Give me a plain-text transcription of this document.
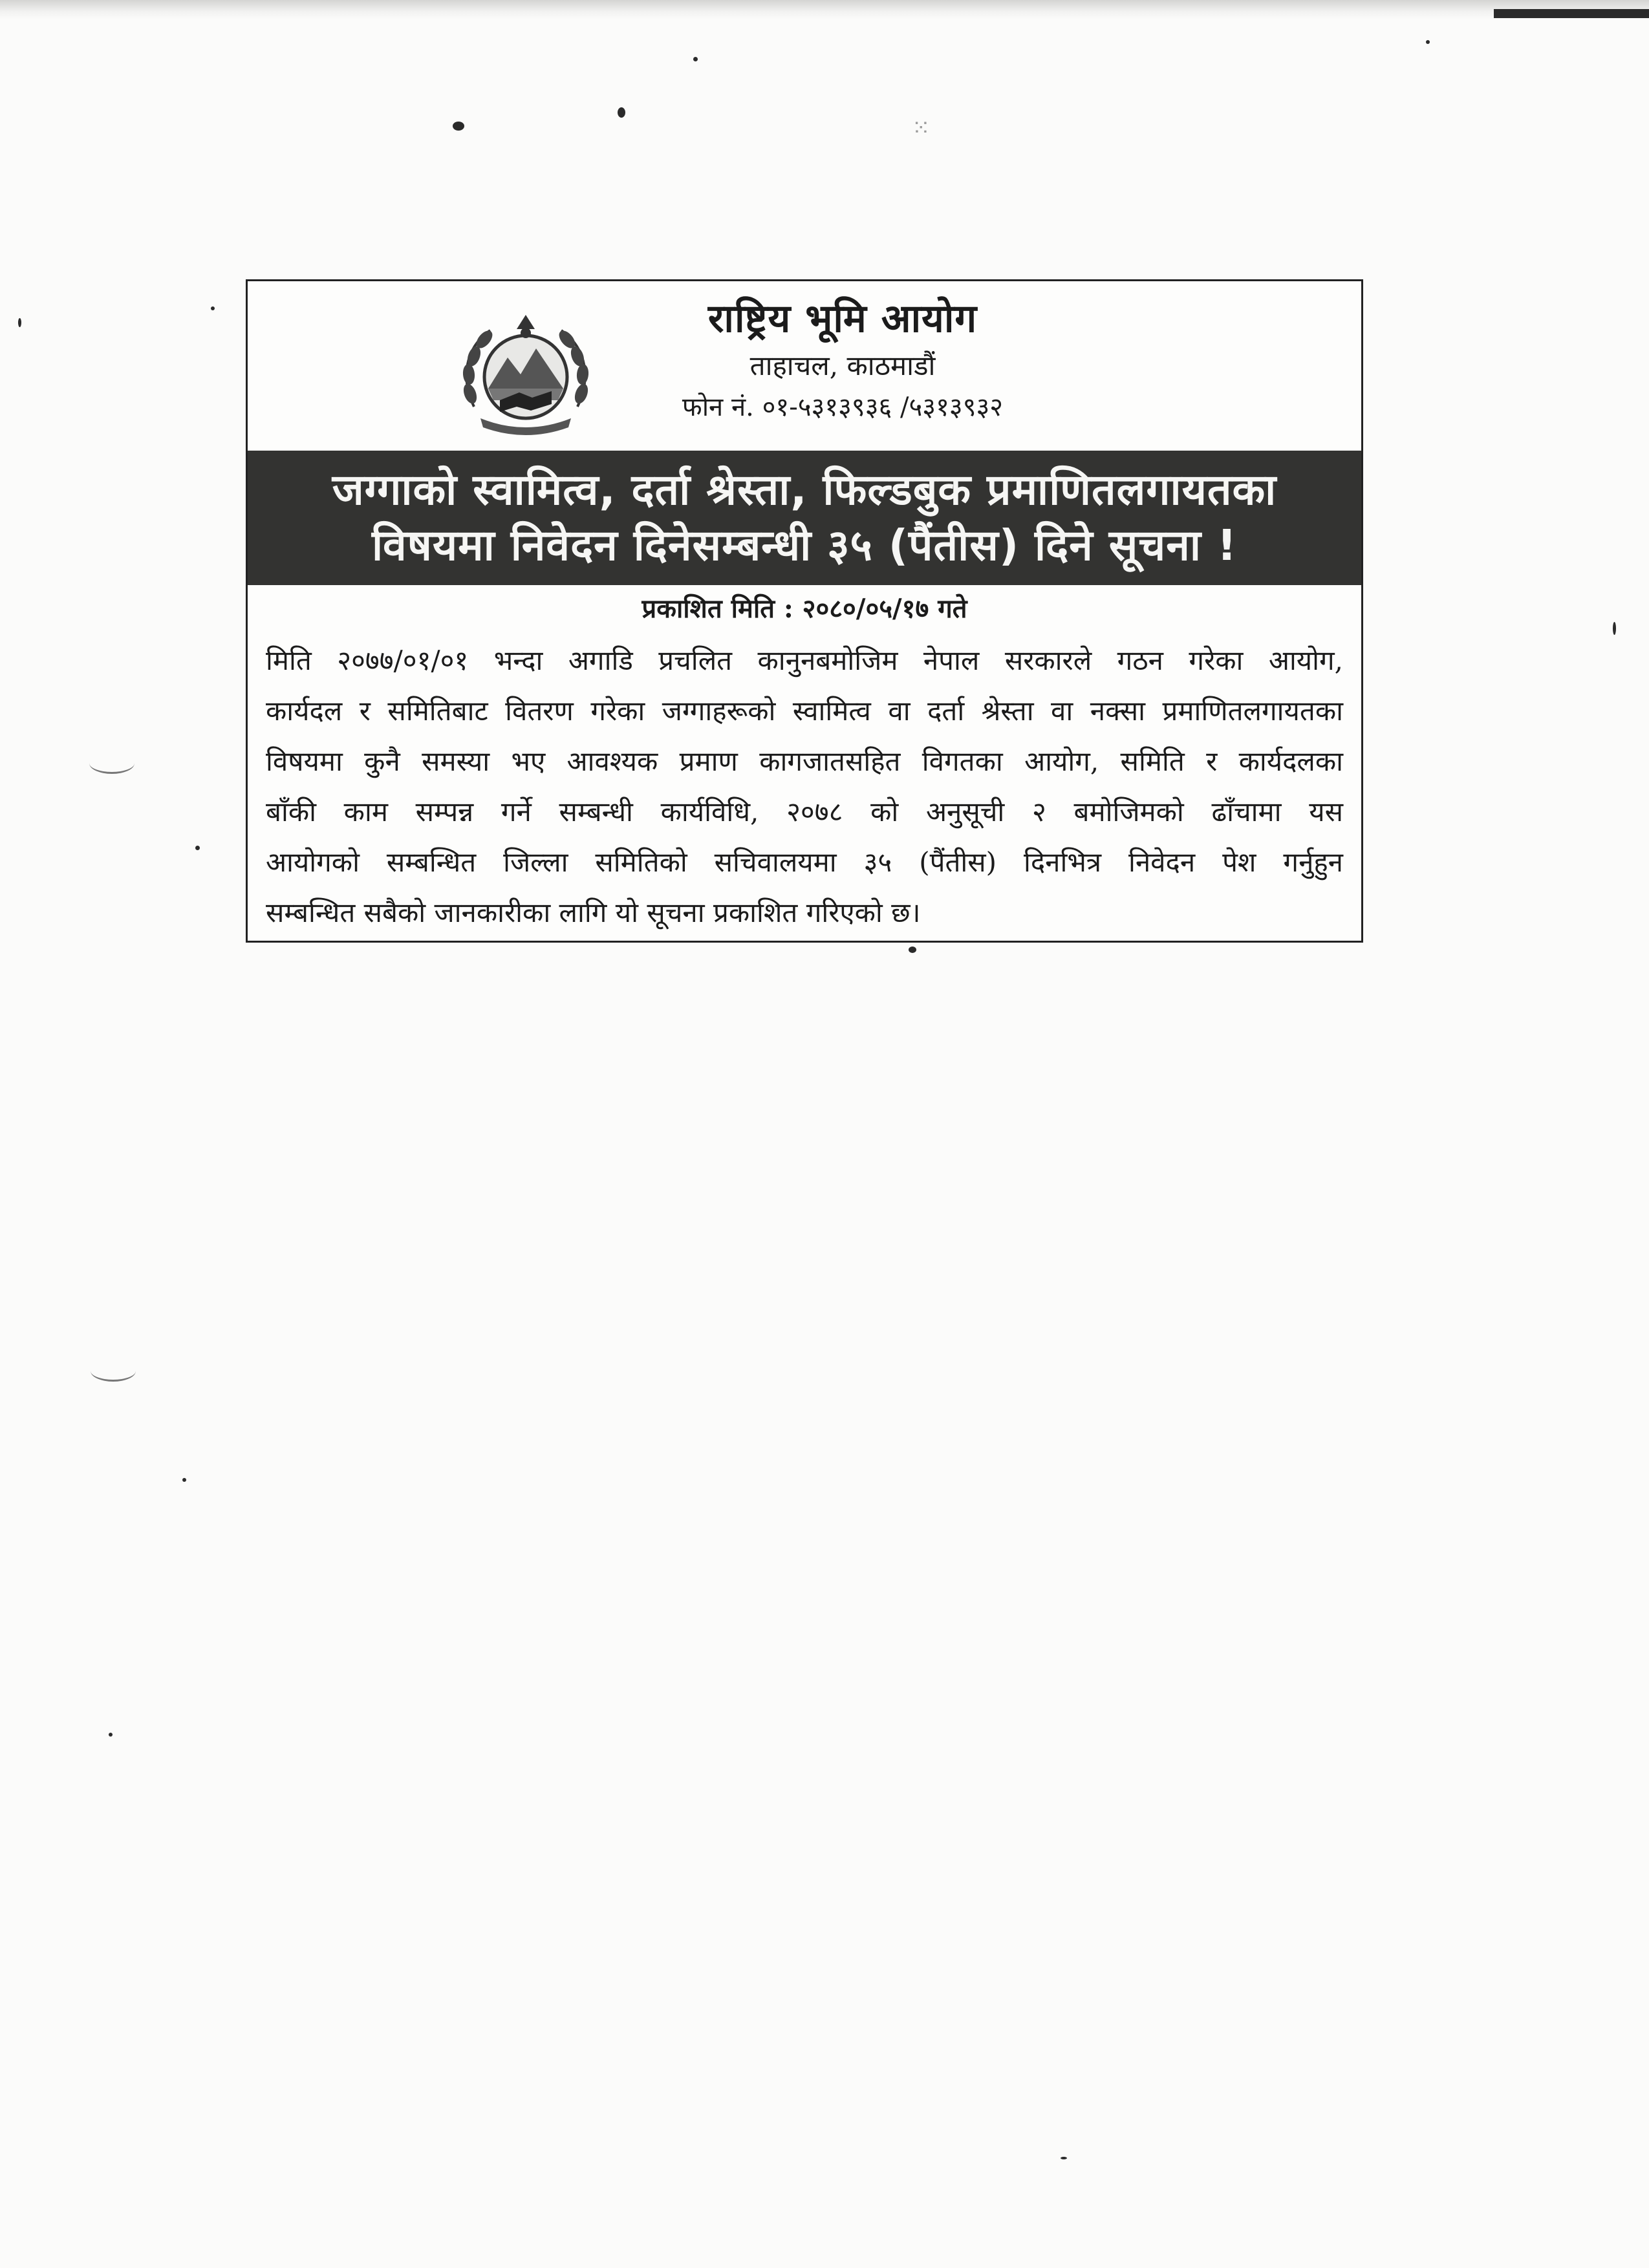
⁙
राष्ट्रिय भूमि आयोग
ताहाचल, काठमाडौं
फोन नं. ०१-५३१३९३६ /५३१३९३२
जग्गाको स्वामित्व, दर्ता श्रेस्ता, फिल्डबुक प्रमाणितलगायतका
विषयमा निवेदन दिनेसम्बन्धी ३५ (पैंतीस) दिने सूचना !
प्रकाशित मिति : २०८०/०५/१७ गते
मिति २०७७/०१/०१ भन्दा अगाडि प्रचलित कानुनबमोजिम नेपाल सरकारले गठन गरेका आयोग,
कार्यदल र समितिबाट वितरण गरेका जग्गाहरूको स्वामित्व वा दर्ता श्रेस्ता वा नक्सा प्रमाणितलगायतका
विषयमा कुनै समस्या भए आवश्यक प्रमाण कागजातसहित विगतका आयोग, समिति र कार्यदलका
बाँकी काम सम्पन्न गर्ने सम्बन्धी कार्यविधि, २०७८ को अनुसूची २ बमोजिमको ढाँचामा यस
आयोगको सम्बन्धित जिल्ला समितिको सचिवालयमा ३५ (पैंतीस) दिनभित्र निवेदन पेश गर्नुहुन
सम्बन्धित सबैको जानकारीका लागि यो सूचना प्रकाशित गरिएको छ।
